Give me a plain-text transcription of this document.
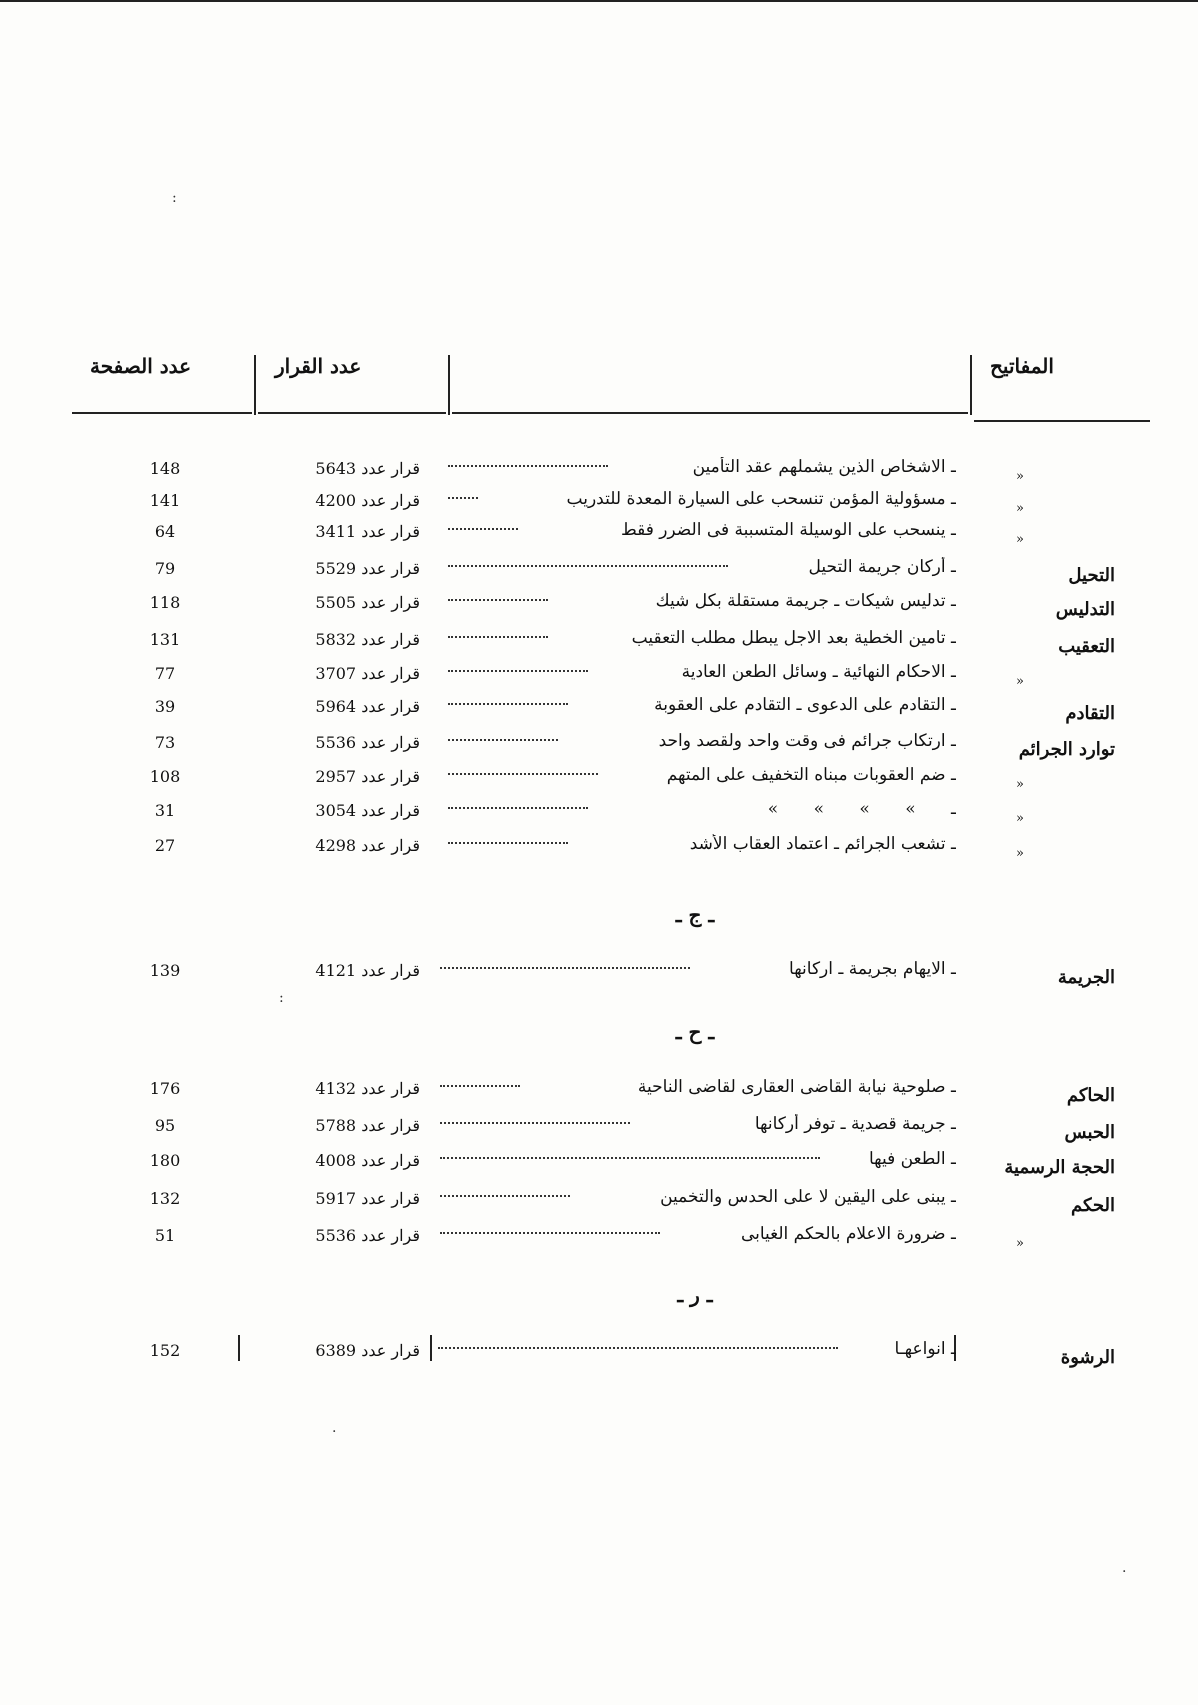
:
المفاتيح
عدد القرار
عدد الصفحة
»
ـ الاشخاص الذين يشملهم عقد التأمين
قرار عدد 5643
148
»
ـ مسؤولية المؤمن تنسحب على السيارة المعدة للتدريب
قرار عدد 4200
141
»
ـ ينسحب على الوسيلة المتسببة فى الضرر فقط
قرار عدد 3411
64
التحيل
ـ أركان جريمة التحيل
قرار عدد 5529
79
التدليس
ـ تدليس شيكات ـ جريمة مستقلة بكل شيك
قرار عدد 5505
118
التعقيب
ـ تامين الخطية بعد الاجل يبطل مطلب التعقيب
قرار عدد 5832
131
»
ـ الاحكام النهائية ـ وسائل الطعن العادية
قرار عدد 3707
77
التقادم
ـ التقادم على الدعوى ـ التقادم على العقوبة
قرار عدد 5964
39
توارد الجرائم
ـ ارتكاب جرائم فى وقت واحد ولقصد واحد
قرار عدد 5536
73
»
ـ ضم العقوبات مبناه التخفيف على المتهم
قرار عدد 2957
108
»
ـ » » » »
قرار عدد 3054
31
»
ـ تشعب الجرائم ـ اعتماد العقاب الأشد
قرار عدد 4298
27
ـ ج ـ
الجريمة
ـ الايهام بجريمة ـ اركانها
قرار عدد 4121
139
:
ـ ح ـ
الحاكم
ـ صلوحية نيابة القاضى العقارى لقاضى الناحية
قرار عدد 4132
176
الحبس
ـ جريمة قصدية ـ توفر أركانها
قرار عدد 5788
95
الحجة الرسمية
ـ الطعن فيها
قرار عدد 4008
180
الحكم
ـ يبنى على اليقين لا على الحدس والتخمين
قرار عدد 5917
132
»
ـ ضرورة الاعلام بالحكم الغيابى
قرار عدد 5536
51
ـ ر ـ
الرشوة
ـ انواعهـا
قرار عدد 6389
152
.
.
